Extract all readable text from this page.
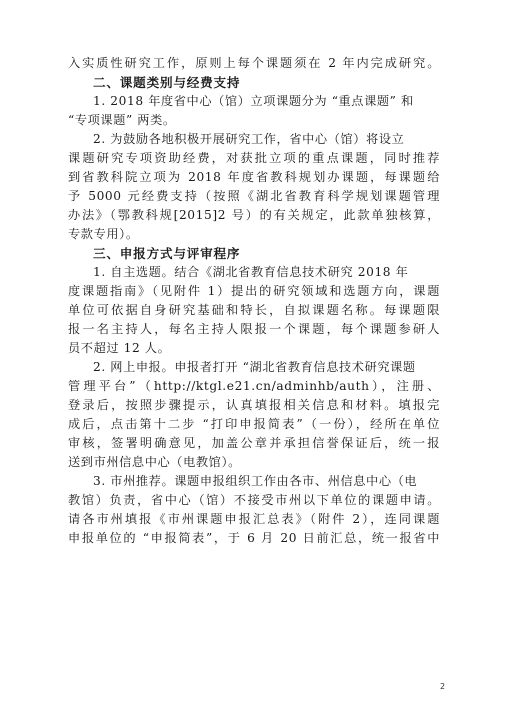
入实质性研究工作，原则上每个课题须在 2 年内完成研究。
二、课题类别与经费支持
1. 2018 年度省中心（馆）立项课题分为 “重点课题” 和
“专项课题” 两类。
2. 为鼓励各地积极开展研究工作，省中心（馆）将设立
课题研究专项资助经费，对获批立项的重点课题，同时推荐
到省教科院立项为 2018 年度省教科规划办课题，每课题给
予 5000 元经费支持（按照《湖北省教育科学规划课题管理
办法》（鄂教科规[2015]2 号）的有关规定，此款单独核算，
专款专用）。
三、申报方式与评审程序
1. 自主选题。结合《湖北省教育信息技术研究 2018 年
度课题指南》（见附件 1）提出的研究领域和选题方向，课题
单位可依据自身研究基础和特长，自拟课题名称。每课题限
报一名主持人，每名主持人限报一个课题，每个课题参研人
员不超过 12 人。
2. 网上申报。申报者打开 “湖北省教育信息技术研究课题
管理平台”（http://ktgl.e21.cn/adminhb/auth），注册、
登录后，按照步骤提示，认真填报相关信息和材料。填报完
成后，点击第十二步 “打印申报简表”（一份），经所在单位
审核，签署明确意见，加盖公章并承担信誉保证后，统一报
送到市州信息中心（电教馆）。
3. 市州推荐。课题申报组织工作由各市、州信息中心（电
教馆）负责，省中心（馆）不接受市州以下单位的课题申请。
请各市州填报《市州课题申报汇总表》（附件 2），连同课题
申报单位的 “申报简表”，于 6 月 20 日前汇总，统一报省中
2
